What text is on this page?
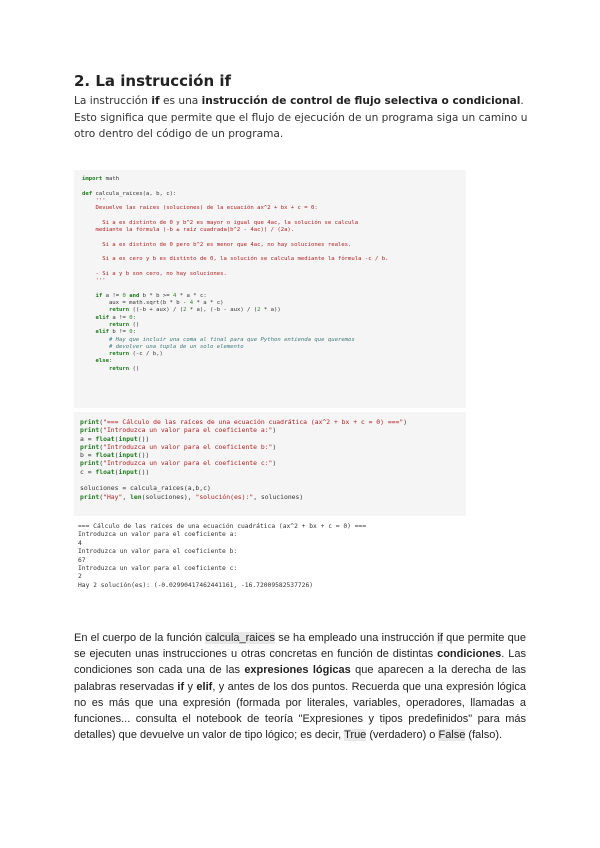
2. La instrucción if

La instrucción if es una instrucción de control de flujo selectiva o condicional. Esto significa que permite que el flujo de ejecución de un programa siga un camino u otro dentro del código de un programa.

import math

def calcula_raices(a, b, c):
'''
Devuelve las raices (soluciones) de la ecuación ax^2 + bx + c = 0:

Si a es distinto de 0 y b^2 es mayor o igual que 4ac, la solución se calcula
mediante la fórmula (-b ± raíz cuadrada(b^2 - 4ac)) / (2a).

Si a es distinto de 0 pero b^2 es menor que 4ac, no hay soluciones reales.

Si a es cero y b es distinto de 0, la solución se calcula mediante la fórmula -c / b.

- Si a y b son cero, no hay soluciones.
'''

if a != 0 and b * b >= 4 * a * c:
aux = math.sqrt(b * b - 4 * a * c)
return ((-b + aux) / (2 * a), (-b - aux) / (2 * a))
elif a != 0:
return ()
elif b != 0:
# Hay que incluir una coma al final para que Python entienda que queremos
# devolver una tupla de un solo elemento
return (-c / b,)
else:
return ()
print("=== Cálculo de las raíces de una ecuación cuadrática (ax^2 + bx + c = 0) ===")
print("Introduzca un valor para el coeficiente a:")
a = float(input())
print("Introduzca un valor para el coeficiente b:")
b = float(input())
print("Introduzca un valor para el coeficiente c:")
c = float(input())

soluciones = calcula_raices(a,b,c)
print("Hay", len(soluciones), "solución(es):", soluciones)
=== Cálculo de las raíces de una ecuación cuadrática (ax^2 + bx + c = 0) ===
Introduzca un valor para el coeficiente a:
4
Introduzca un valor para el coeficiente b:
67
Introduzca un valor para el coeficiente c:
2
Hay 2 solución(es): (-0.02990417462441161, -16.72009582537726)

En el cuerpo de la función calcula_raices se ha empleado una instrucción if que permite que se ejecuten unas instrucciones u otras concretas en función de distintas condiciones. Las condiciones son cada una de las expresiones lógicas que aparecen a la derecha de las palabras reservadas if y elif, y antes de los dos puntos. Recuerda que una expresión lógica no es más que una expresión (formada por literales, variables, operadores, llamadas a funciones... consulta el notebook de teoría "Expresiones y tipos predefinidos" para más detalles) que devuelve un valor de tipo lógico; es decir, True (verdadero) o False (falso).
